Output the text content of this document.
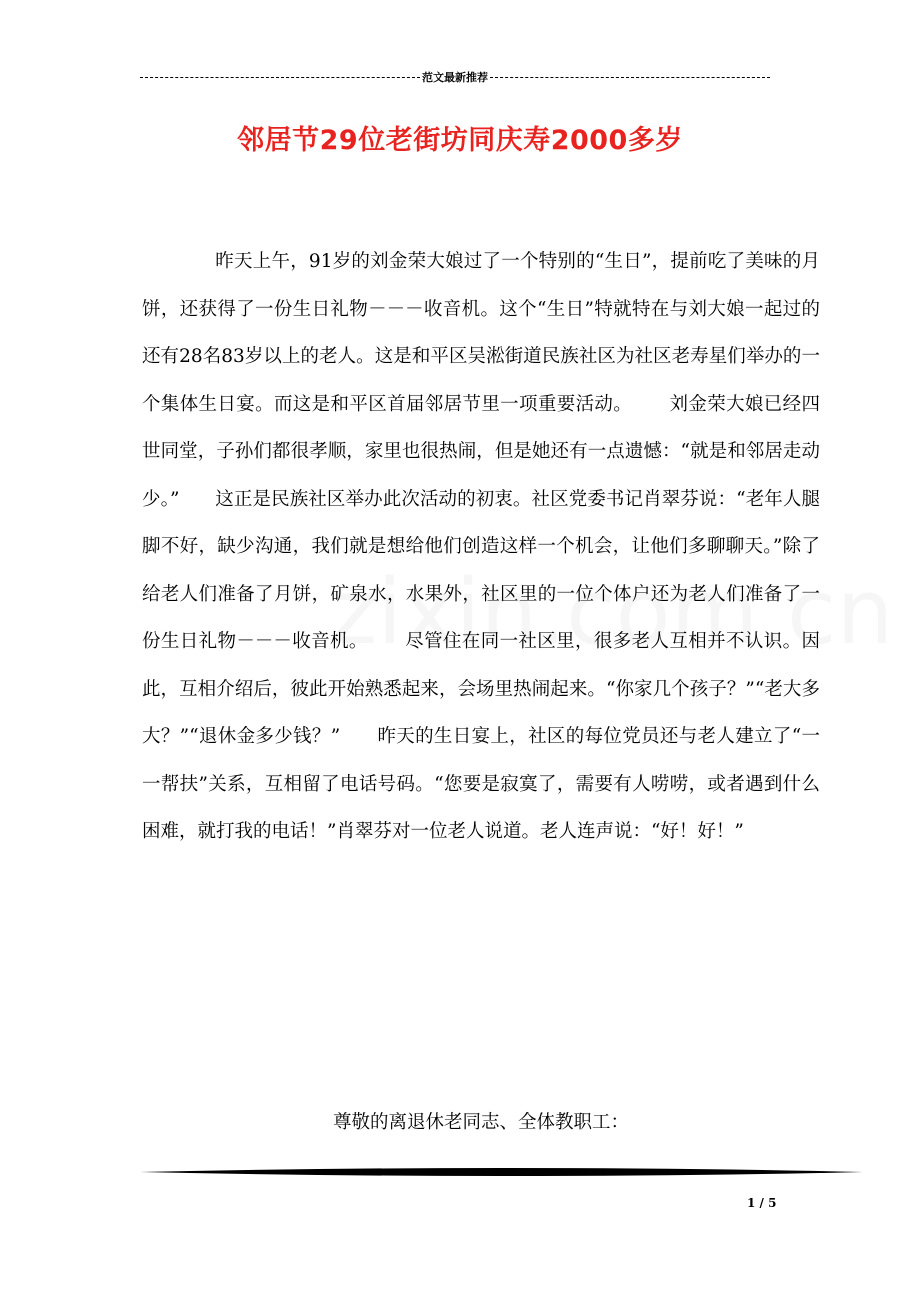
范文最新推荐
邻居节29位老街坊同庆寿2000多岁

昨天上午，91岁的刘金荣大娘过了一个特别的“生日”，提前吃了美味的月饼，还获得了一份生日礼物－－－收音机。这个“生日”特就特在与刘大娘一起过的还有28名83岁以上的老人。这是和平区吴淞街道民族社区为社区老寿星们举办的一个集体生日宴。而这是和平区首届邻居节里一项重要活动。      刘金荣大娘已经四世同堂，子孙们都很孝顺，家里也很热闹，但是她还有一点遗憾：“就是和邻居走动少。”      这正是民族社区举办此次活动的初衷。社区党委书记肖翠芬说：“老年人腿脚不好，缺少沟通，我们就是想给他们创造这样一个机会，让他们多聊聊天。”除了给老人们准备了月饼，矿泉水，水果外，社区里的一位个体户还为老人们准备了一份生日礼物－－－收音机。      尽管住在同一社区里，很多老人互相并不认识。因此，互相介绍后，彼此开始熟悉起来，会场里热闹起来。“你家几个孩子？”“老大多大？”“退休金多少钱？”      昨天的生日宴上，社区的每位党员还与老人建立了“一一帮扶”关系，互相留了电话号码。“您要是寂寞了，需要有人唠唠，或者遇到什么困难，就打我的电话！”肖翠芬对一位老人说道。老人连声说：“好！好！”

尊敬的离退休老同志、全体教职工：
1 / 5
